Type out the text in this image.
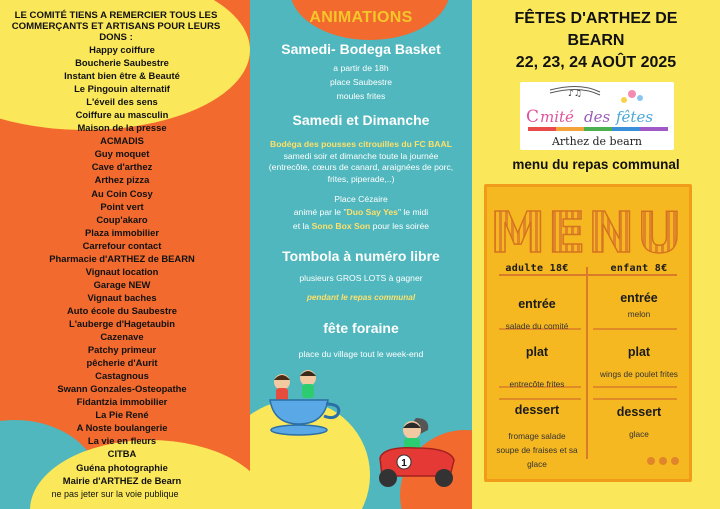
LE COMITÉ TIENS A REMERCIER TOUS LES COMMERÇANTS ET ARTISANS POUR LEURS DONS :
Happy coiffure
Boucherie Saubestre
Instant bien être & Beauté
Le Pingouin alternatif
L'éveil des sens
Coiffure au masculin
Maison de la presse
ACMADIS
Guy moquet
Cave d'arthez
Arthez pizza
Au Coin Cosy
Point vert
Coup'akaro
Plaza immobilier
Carrefour contact
Pharmacie d'ARTHEZ de BEARN
Vignaut location
Garage NEW
Vignaut baches
Auto école du Saubestre
L'auberge d'Hagetaubin
Cazenave
Patchy primeur
pêcherie d'Aurit
Castagnous
Swann Gonzales-Osteopathe
Fidantzia immobilier
La Pie René
A Noste boulangerie
La vie en fleurs
CITBA
Guéna photographie
Mairie d'ARTHEZ de Bearn
ne pas jeter sur la voie publique
ANIMATIONS
Samedi- Bodega Basket
a partir de 18h
place Saubestre
moules frites
Samedi et Dimanche
Bodéga des pousses citrouilles du FC BAAL samedi soir et dimanche toute la journée (entrecôte, cœurs de canard, araignées de porc, frites, piperade,..)
Place Cézaire
animé par le "Duo Say Yes" le midi
et la Sono Box Son pour les soirée
Tombola à numéro libre
plusieurs GROS LOTS à gagner
pendant le repas communal
fête foraine
place du village tout le week-end
1
FÊTES D'ARTHEZ DE
BEARN
22, 23, 24 AOÛT 2025
♪♫
C mité des fêtes
Arthez de bearn
menu du repas communal
MENU
adulte 18€	enfant 8€
entrée
salade du comité
plat
entrecôte frites
dessert
fromage salade
soupe de fraises et sa
glace
entrée
melon
plat
wings de poulet frites
dessert
glace
